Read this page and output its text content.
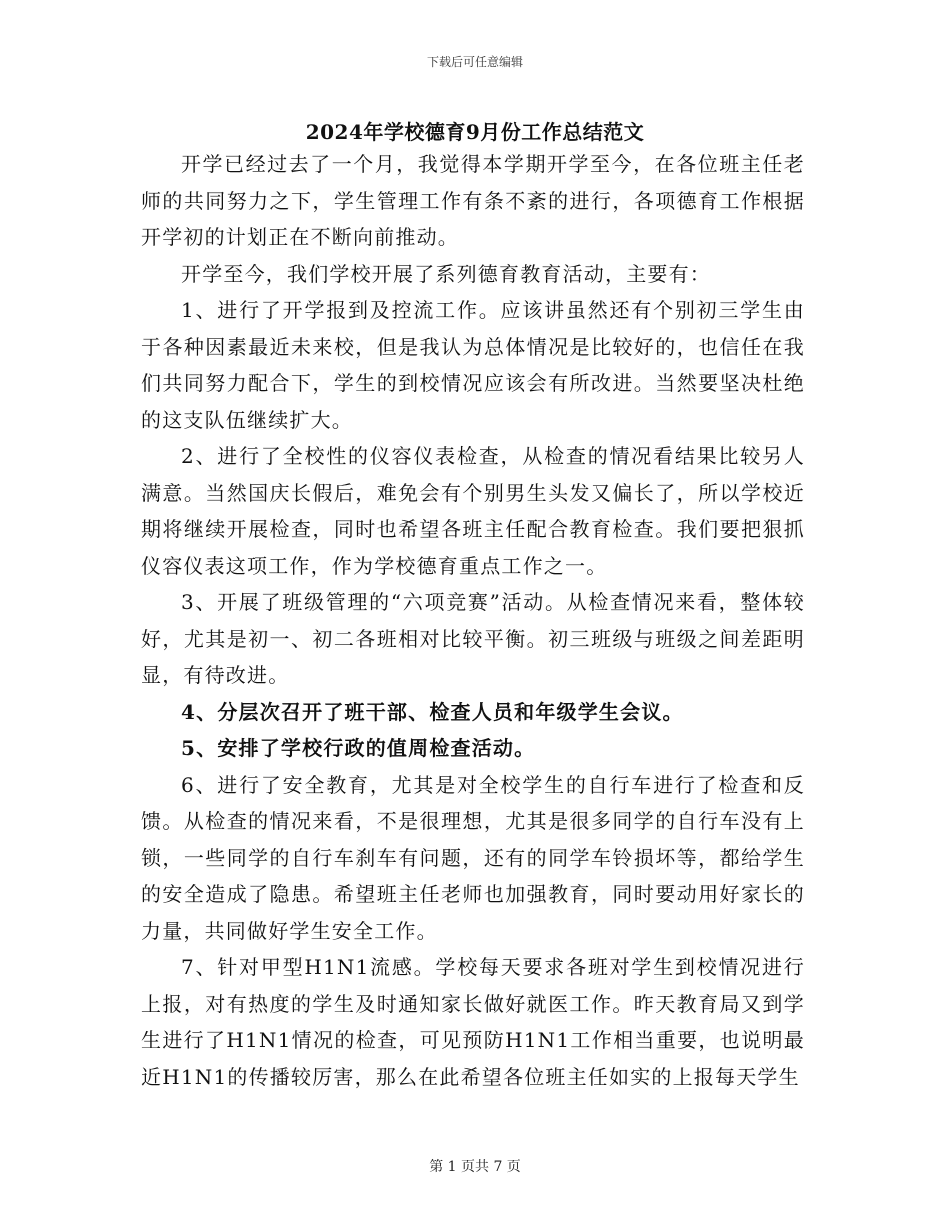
下载后可任意编辑
2024年学校德育9月份工作总结范文

开学已经过去了一个月，我觉得本学期开学至今，在各位班主任老师的共同努力之下，学生管理工作有条不紊的进行，各项德育工作根据开学初的计划正在不断向前推动。

开学至今，我们学校开展了系列德育教育活动，主要有：

1、进行了开学报到及控流工作。应该讲虽然还有个别初三学生由于各种因素最近未来校，但是我认为总体情况是比较好的，也信任在我们共同努力配合下，学生的到校情况应该会有所改进。当然要坚决杜绝的这支队伍继续扩大。

2、进行了全校性的仪容仪表检查，从检查的情况看结果比较另人满意。当然国庆长假后，难免会有个别男生头发又偏长了，所以学校近期将继续开展检查，同时也希望各班主任配合教育检查。我们要把狠抓仪容仪表这项工作，作为学校德育重点工作之一。

3、开展了班级管理的“六项竞赛”活动。从检查情况来看，整体较好，尤其是初一、初二各班相对比较平衡。初三班级与班级之间差距明显，有待改进。

4、分层次召开了班干部、检查人员和年级学生会议。

5、安排了学校行政的值周检查活动。

6、进行了安全教育，尤其是对全校学生的自行车进行了检查和反馈。从检查的情况来看，不是很理想，尤其是很多同学的自行车没有上锁，一些同学的自行车刹车有问题，还有的同学车铃损坏等，都给学生的安全造成了隐患。希望班主任老师也加强教育，同时要动用好家长的力量，共同做好学生安全工作。

7、针对甲型H1N1流感。学校每天要求各班对学生到校情况进行上报，对有热度的学生及时通知家长做好就医工作。昨天教育局又到学生进行了H1N1情况的检查，可见预防H1N1工作相当重要，也说明最近H1N1的传播较厉害，那么在此希望各位班主任如实的上报每天学生

第 1 页共 7 页
